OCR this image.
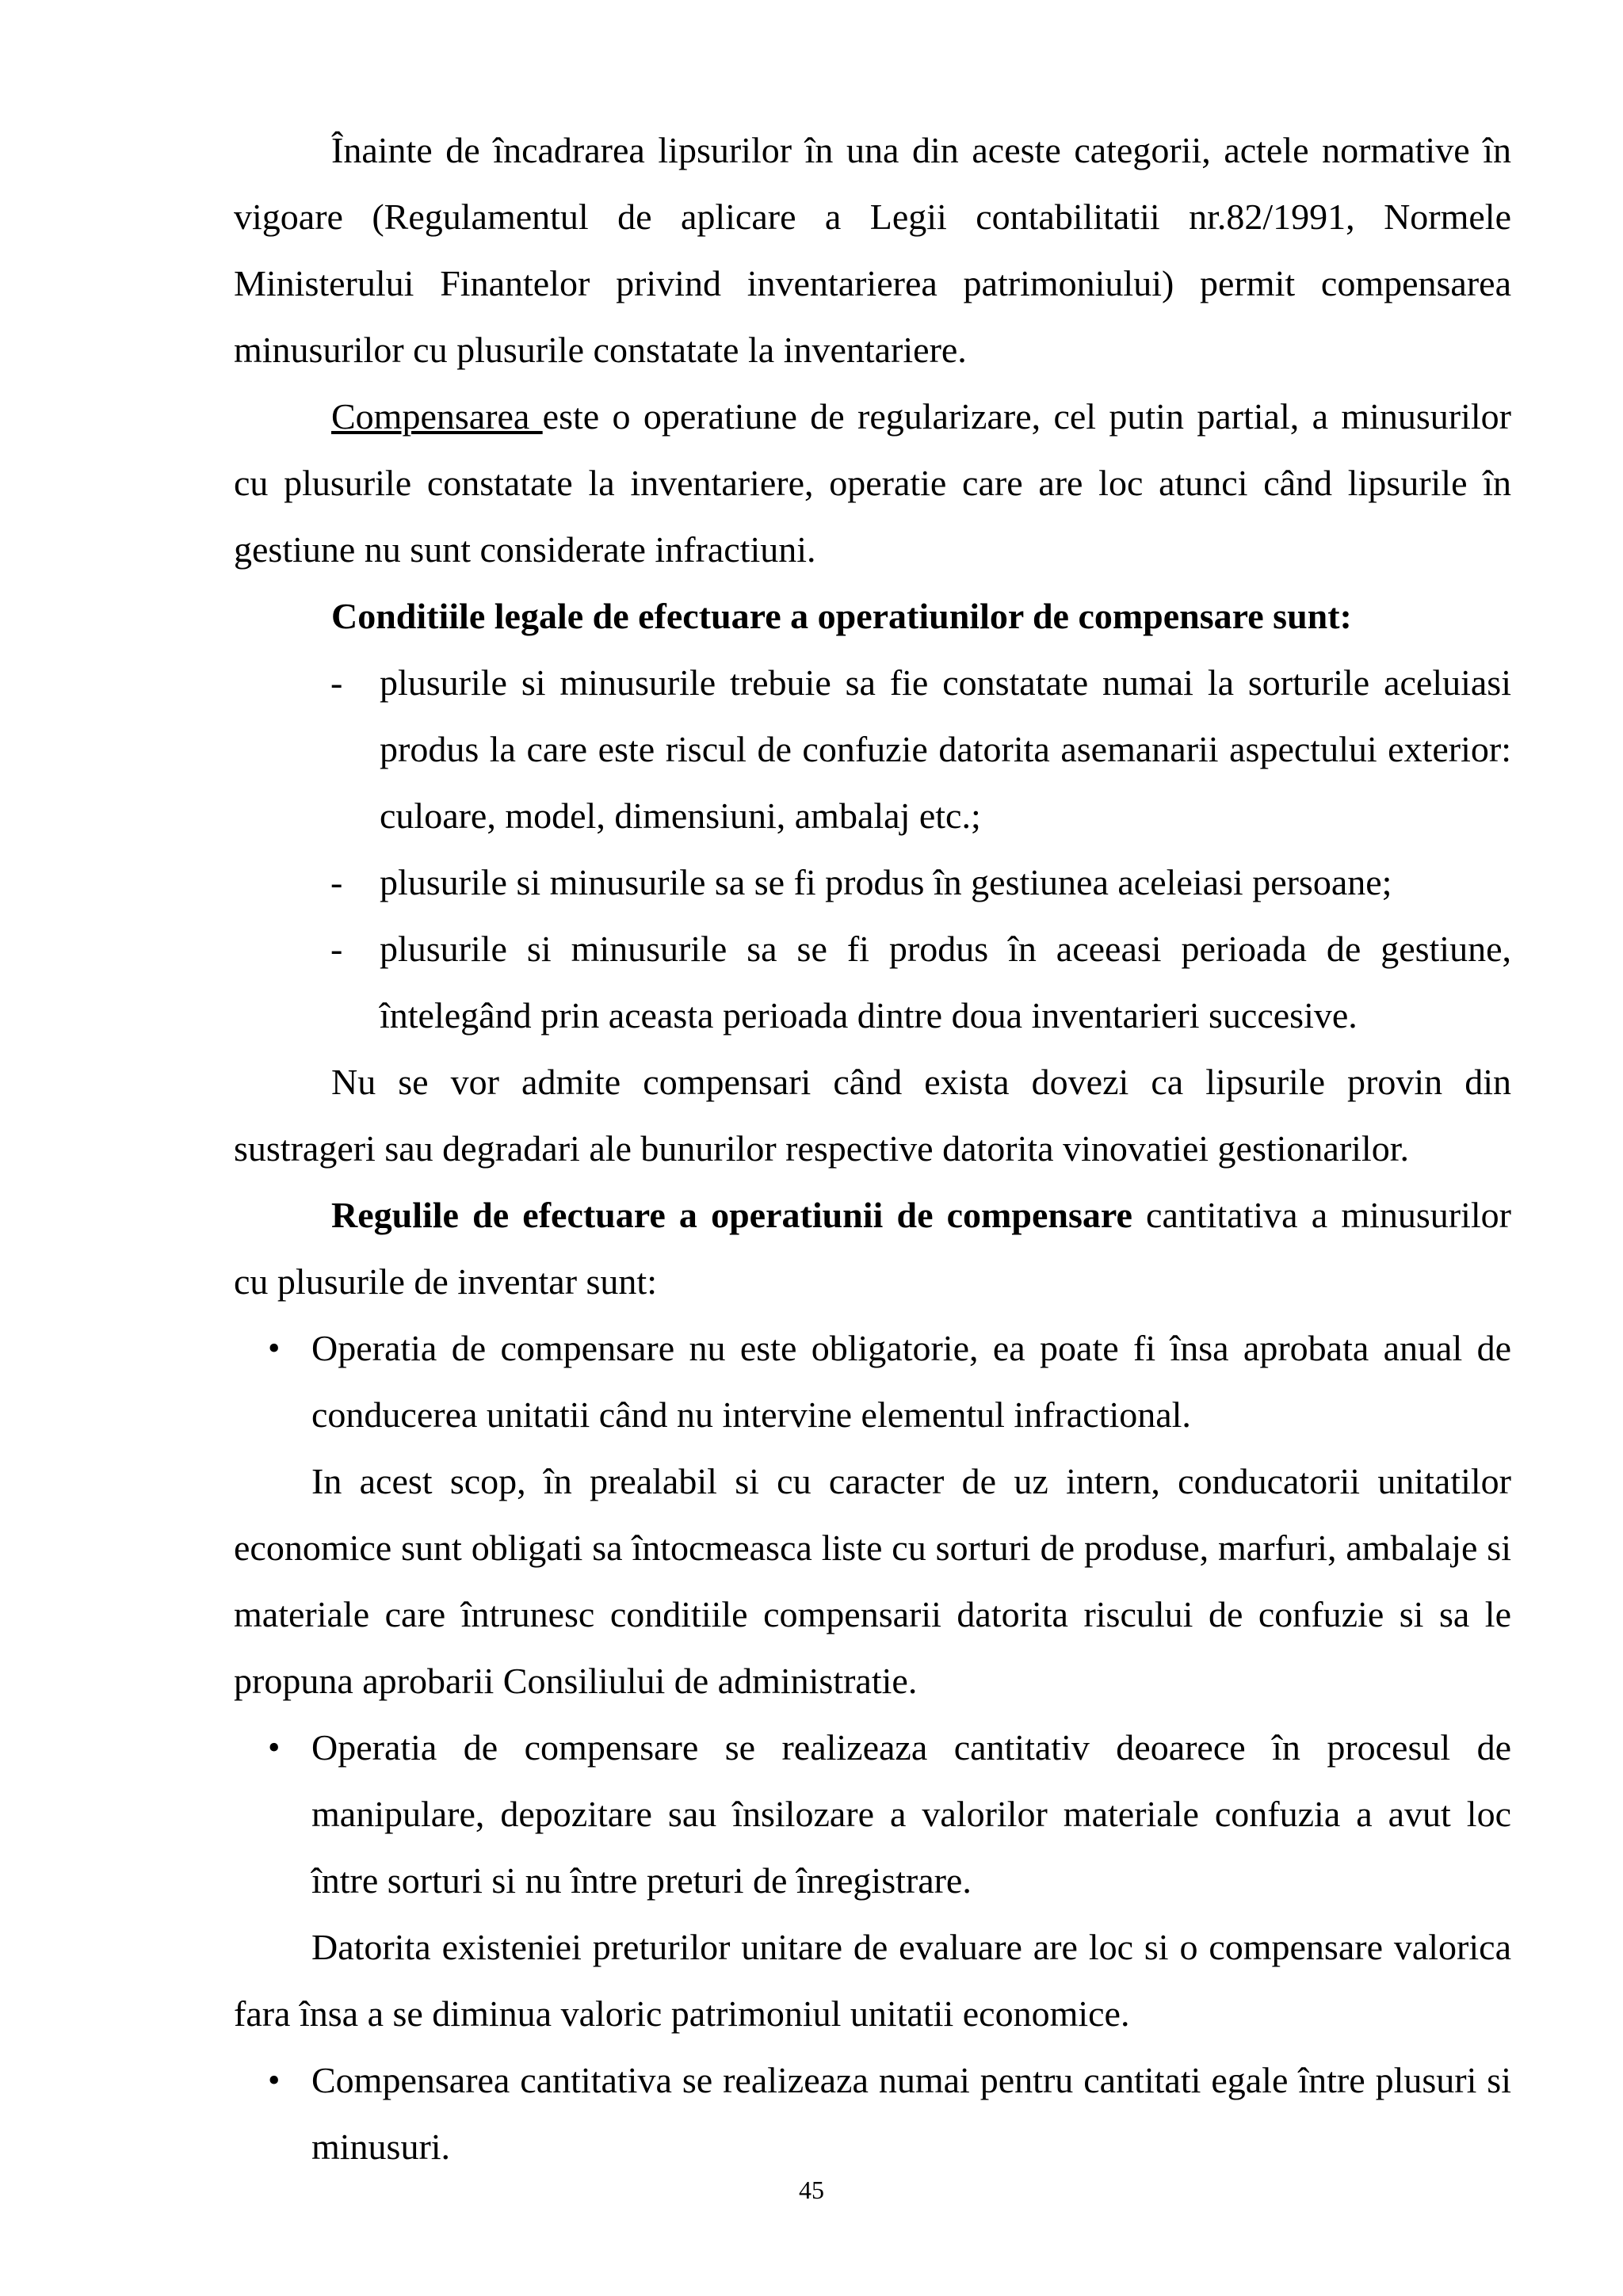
Înainte de încadrarea lipsurilor în una din aceste categorii, actele normative în vigoare (Regulamentul de aplicare a Legii contabilitatii nr.82/1991, Normele Ministerului Finantelor privind inventarierea patrimoniului) permit compensarea minusurilor cu plusurile constatate la inventariere.

Compensarea este o operatiune de regularizare, cel putin partial, a minusurilor cu plusurile constatate la inventariere, operatie care are loc atunci când lipsurile în gestiune nu sunt considerate infractiuni.

Conditiile legale de efectuare a operatiunilor de compensare sunt:

- plusurile si minusurile trebuie sa fie constatate numai la sorturile aceluiasi produs la care este riscul de confuzie datorita asemanarii aspectului exterior: culoare, model, dimensiuni, ambalaj etc.;
- plusurile si minusurile sa se fi produs în gestiunea aceleiasi persoane;
- plusurile si minusurile sa se fi produs în aceeasi perioada de gestiune, întelegând prin aceasta perioada dintre doua inventarieri succesive.

Nu se vor admite compensari când exista dovezi ca lipsurile provin din sustrageri sau degradari ale bunurilor respective datorita vinovatiei gestionarilor.

Regulile de efectuare a operatiunii de compensare cantitativa a minusurilor cu plusurile de inventar sunt:

• Operatia de compensare nu este obligatorie, ea poate fi însa aprobata anual de conducerea unitatii când nu intervine elementul infractional.

In acest scop, în prealabil si cu caracter de uz intern, conducatorii unitatilor economice sunt obligati sa întocmeasca liste cu sorturi de produse, marfuri, ambalaje si materiale care întrunesc conditiile compensarii datorita riscului de confuzie si sa le propuna aprobarii Consiliului de administratie.

• Operatia de compensare se realizeaza cantitativ deoarece în procesul de manipulare, depozitare sau însilozare a valorilor materiale confuzia a avut loc între sorturi si nu între preturi de înregistrare.

Datorita existeniei preturilor unitare de evaluare are loc si o compensare valorica fara însa a se diminua valoric patrimoniul unitatii economice.

• Compensarea cantitativa se realizeaza numai pentru cantitati egale între plusuri si minusuri.
45
